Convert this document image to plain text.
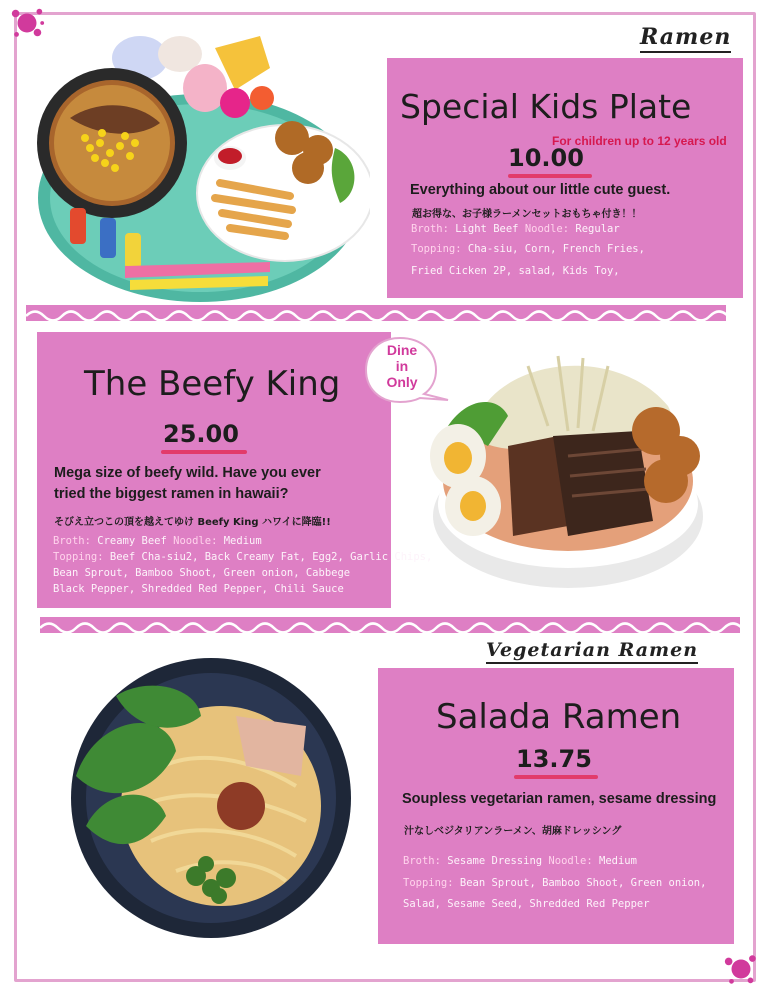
Ramen
Special Kids Plate
For children up to 12 years old
10.00
Everything about our little cute guest.
超お得な、お子様ラーメンセットおもちゃ付き！！
Broth: Light Beef Noodle: Regular
Topping: Cha-siu, Corn, French Fries,
Fried Cicken 2P, salad, Kids Toy,
The Beefy King
25.00
Mega size of beefy wild. Have you ever
tried the biggest ramen in hawaii?
そびえ立つこの頂を越えてゆけ Beefy King ハワイに降臨!!
Broth: Creamy Beef Noodle: Medium
Topping: Beef Cha-siu2, Back Creamy Fat, Egg2, Garlic Chips,
Bean Sprout, Bamboo Shoot, Green onion, Cabbege
Black Pepper, Shredded Red Pepper, Chili Sauce
Dine
in
Only
Vegetarian Ramen
Salada Ramen
13.75
Soupless vegetarian ramen, sesame dressing
汁なしベジタリアンラーメン、胡麻ドレッシング
Broth: Sesame Dressing Noodle: Medium
Topping: Bean Sprout, Bamboo Shoot, Green onion,
Salad, Sesame Seed, Shredded Red Pepper
